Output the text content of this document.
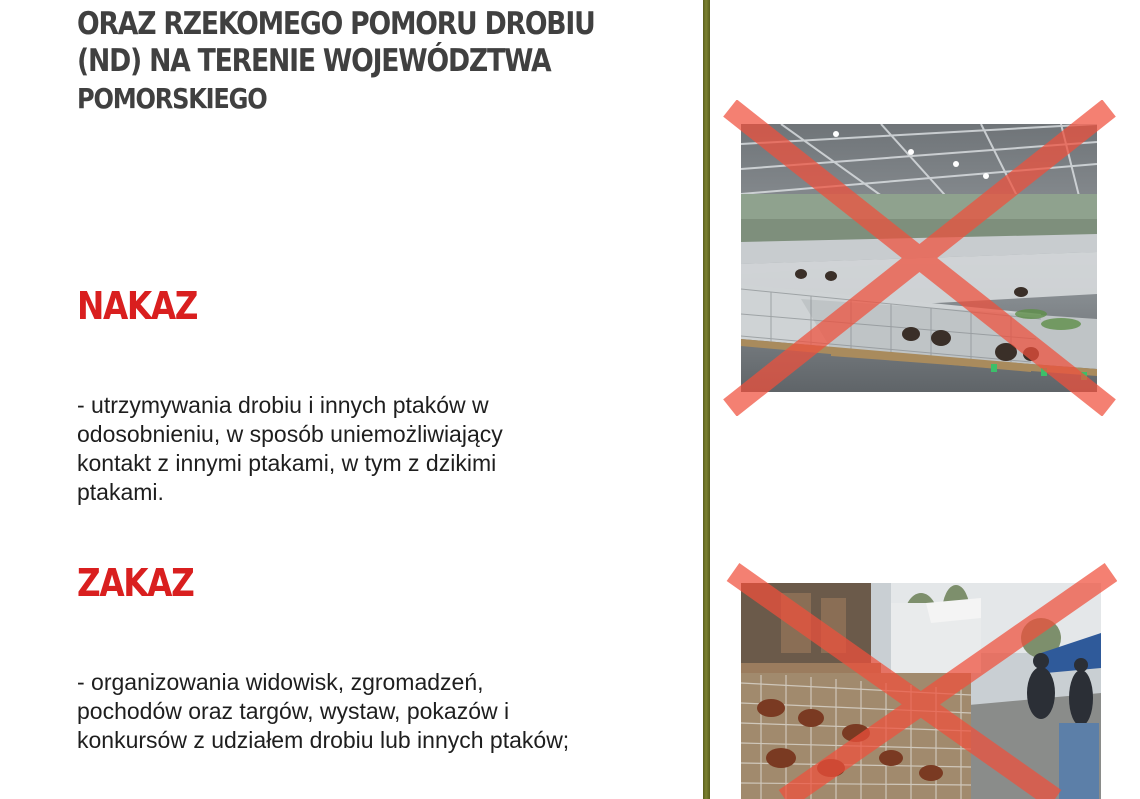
ORAZ RZEKOMEGO POMORU DROBIU
(ND) NA TERENIE WOJEWÓDZTWA
POMORSKIEGO
NAKAZ

- utrzymywania drobiu i innych ptaków w
odosobnieniu, w sposób uniemożliwiający
kontakt z innymi ptakami, w tym z dzikimi
ptakami.

ZAKAZ

- organizowania widowisk, zgromadzeń,
pochodów oraz targów, wystaw, pokazów i
konkursów z udziałem drobiu lub innych ptaków;
